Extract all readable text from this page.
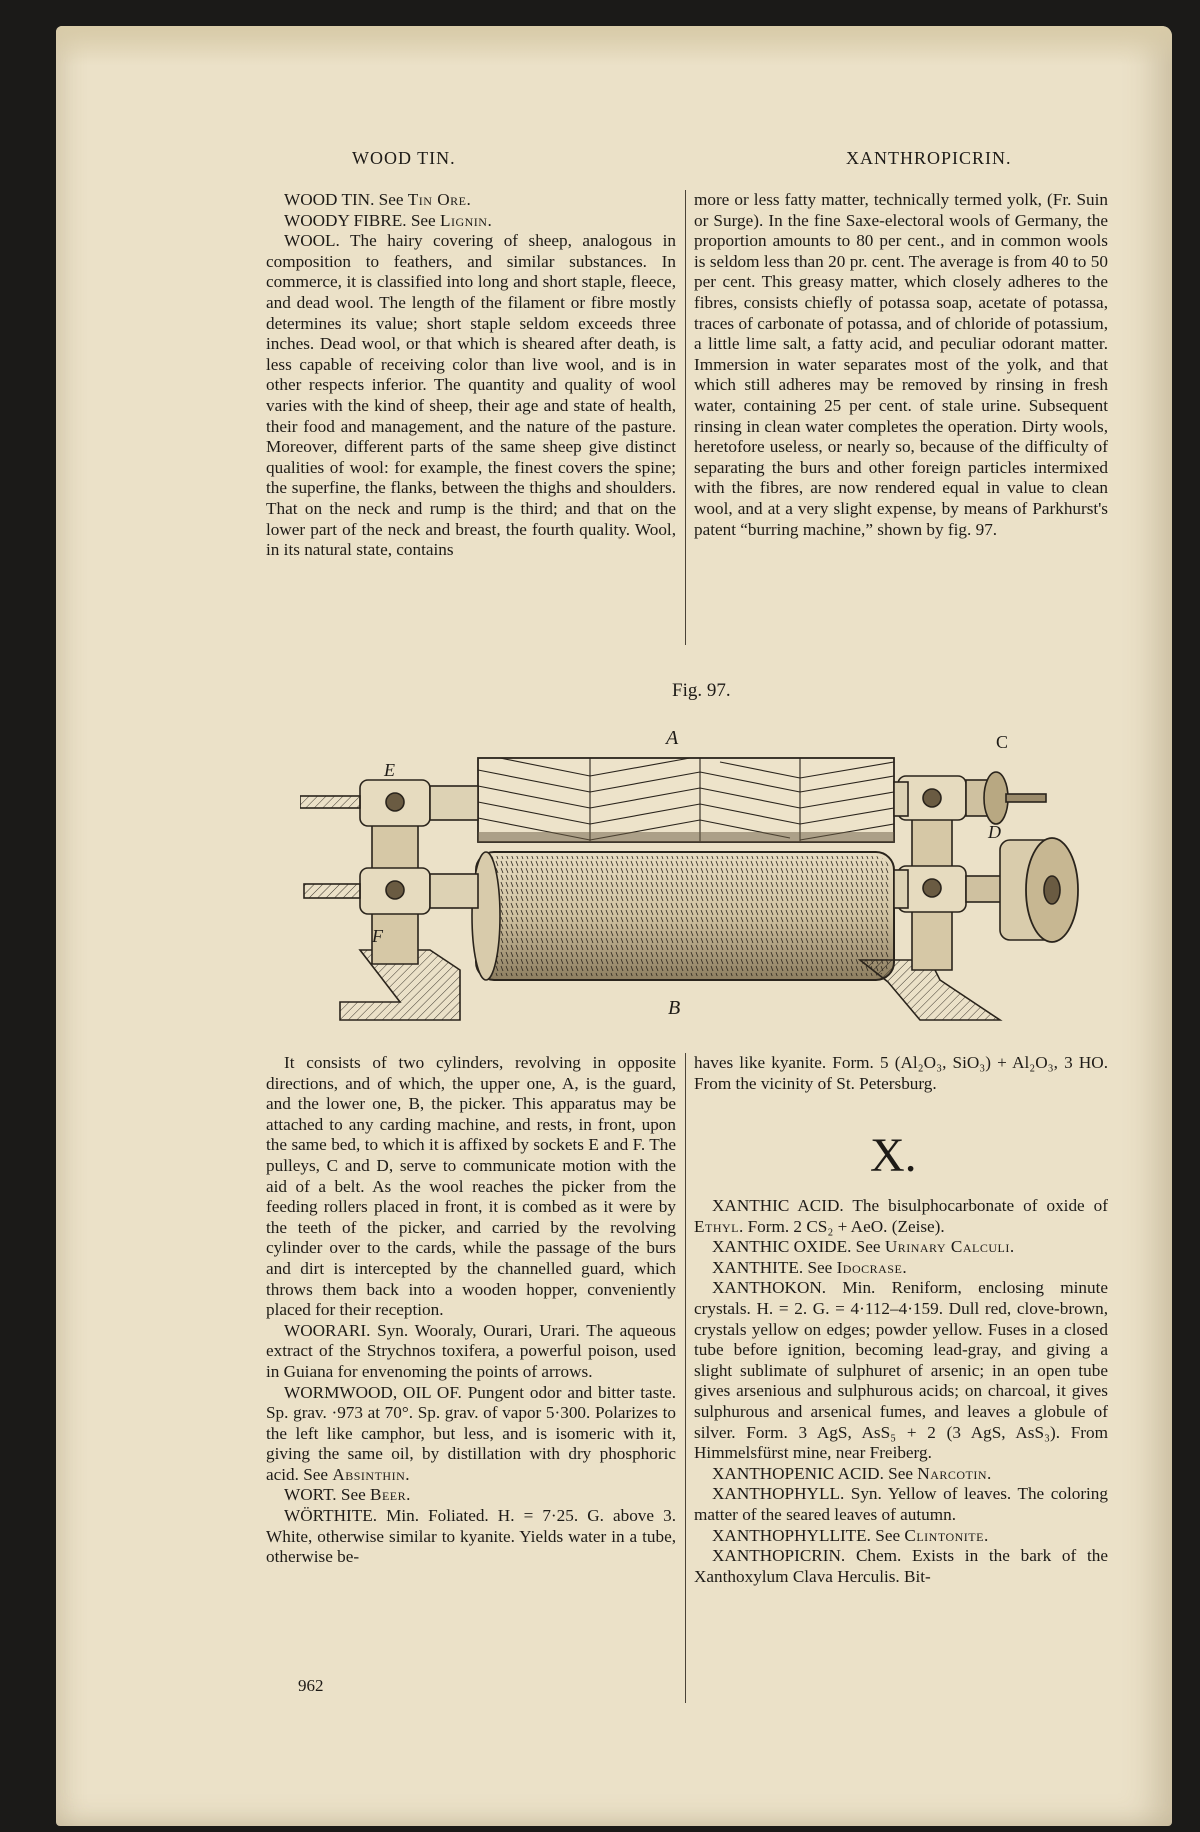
WOOD TIN.	XANTHROPICRIN.

WOOD TIN. See Tin Ore.

WOODY FIBRE. See Lignin.

WOOL. The hairy covering of sheep, analogous in composition to feathers, and similar substances. In commerce, it is classified into long and short staple, fleece, and dead wool. The length of the filament or fibre mostly determines its value; short staple seldom exceeds three inches. Dead wool, or that which is sheared after death, is less capable of receiving color than live wool, and is in other respects inferior. The quantity and quality of wool varies with the kind of sheep, their age and state of health, their food and management, and the nature of the pasture. Moreover, different parts of the same sheep give distinct qualities of wool: for example, the finest covers the spine; the superfine, the flanks, between the thighs and shoulders. That on the neck and rump is the third; and that on the lower part of the neck and breast, the fourth quality. Wool, in its natural state, contains

more or less fatty matter, technically termed yolk, (Fr. Suin or Surge). In the fine Saxe-electoral wools of Germany, the proportion amounts to 80 per cent., and in common wools is seldom less than 20 pr. cent. The average is from 40 to 50 per cent. This greasy matter, which closely adheres to the fibres, consists chiefly of potassa soap, acetate of potassa, traces of carbonate of potassa, and of chloride of potassium, a little lime salt, a fatty acid, and peculiar odorant matter. Immersion in water separates most of the yolk, and that which still adheres may be removed by rinsing in fresh water, containing 25 per cent. of stale urine. Subsequent rinsing in clean water completes the operation. Dirty wools, heretofore useless, or nearly so, because of the difficulty of separating the burs and other foreign particles intermixed with the fibres, are now rendered equal in value to clean wool, and at a very slight expense, by means of Parkhurst's patent “burring machine,” shown by fig. 97.

Fig. 97.
A
B
C
D
E
F

It consists of two cylinders, revolving in opposite directions, and of which, the upper one, A, is the guard, and the lower one, B, the picker. This apparatus may be attached to any carding machine, and rests, in front, upon the same bed, to which it is affixed by sockets E and F. The pulleys, C and D, serve to communicate motion with the aid of a belt. As the wool reaches the picker from the feeding rollers placed in front, it is combed as it were by the teeth of the picker, and carried by the revolving cylinder over to the cards, while the passage of the burs and dirt is intercepted by the channelled guard, which throws them back into a wooden hopper, conveniently placed for their reception.

WOORARI. Syn. Wooraly, Ourari, Urari. The aqueous extract of the Strychnos toxifera, a powerful poison, used in Guiana for envenoming the points of arrows.

WORMWOOD, OIL OF. Pungent odor and bitter taste. Sp. grav. ·973 at 70°. Sp. grav. of vapor 5·300. Polarizes to the left like camphor, but less, and is isomeric with it, giving the same oil, by distillation with dry phosphoric acid. See Absinthin.

WORT. See Beer.

WÖRTHITE. Min. Foliated. H. = 7·25. G. above 3. White, otherwise similar to kyanite. Yields water in a tube, otherwise be-

haves like kyanite. Form. 5 (Al₂O₃, SiO₃) + Al₂O₃, 3 HO. From the vicinity of St. Petersburg.

X.

XANTHIC ACID. The bisulphocarbonate of oxide of Ethyl. Form. 2 CS₂ + AeO. (Zeise).

XANTHIC OXIDE. See Urinary Calculi.

XANTHITE. See Idocrase.

XANTHOKON. Min. Reniform, enclosing minute crystals. H. = 2. G. = 4·112–4·159. Dull red, clove-brown, crystals yellow on edges; powder yellow. Fuses in a closed tube before ignition, becoming lead-gray, and giving a slight sublimate of sulphuret of arsenic; in an open tube gives arsenious and sulphurous acids; on charcoal, it gives sulphurous and arsenical fumes, and leaves a globule of silver. Form. 3 AgS, AsS₅ + 2 (3 AgS, AsS₃). From Himmelsfürst mine, near Freiberg.

XANTHOPENIC ACID. See Narcotin.

XANTHOPHYLL. Syn. Yellow of leaves. The coloring matter of the seared leaves of autumn.

XANTHOPHYLLITE. See Clintonite.

XANTHOPICRIN. Chem. Exists in the bark of the Xanthoxylum Clava Herculis. Bit-

962
